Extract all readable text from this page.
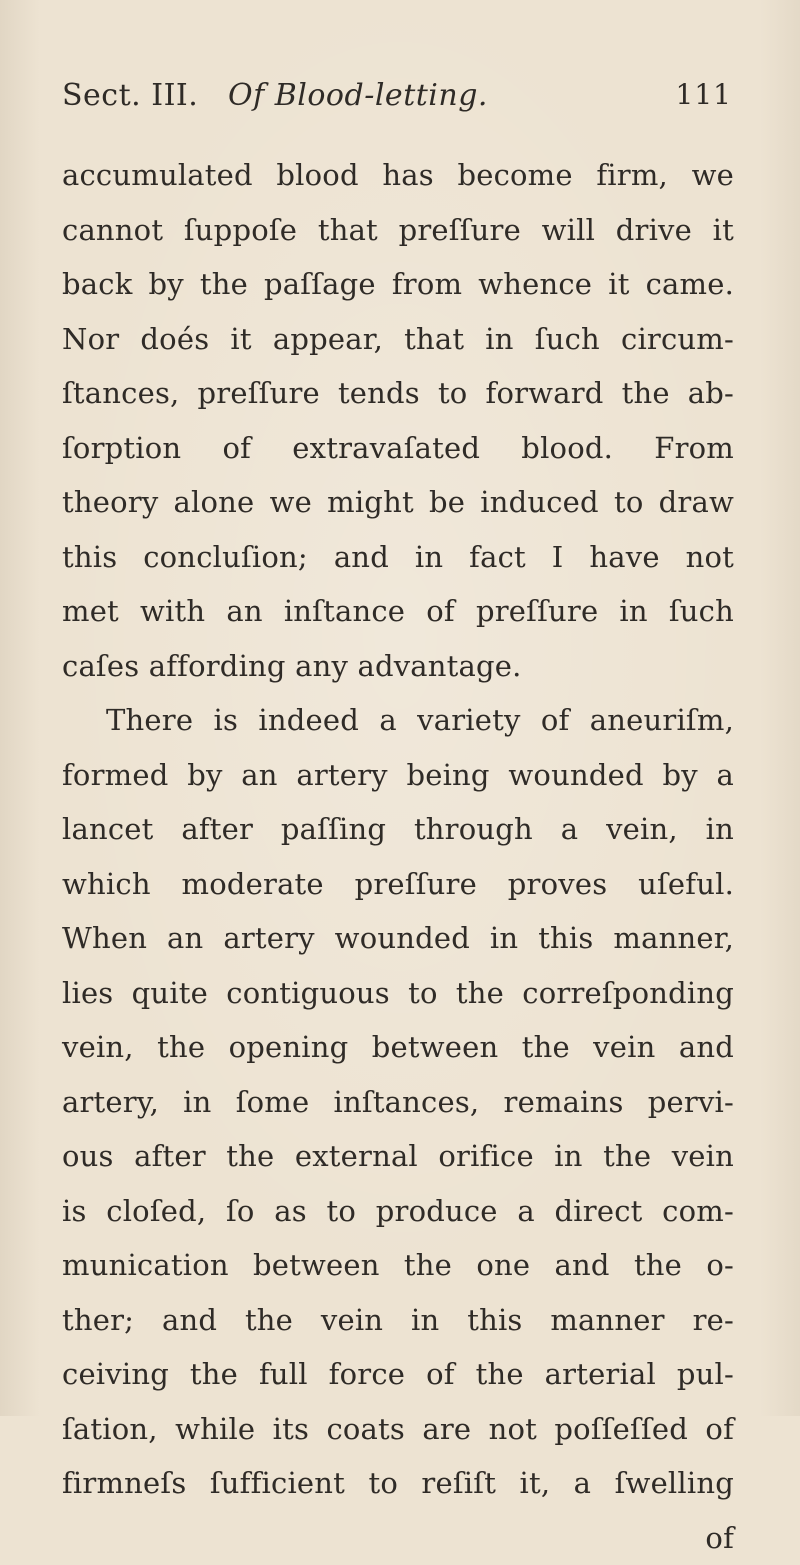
Sect. III. Of Blood-letting.	111
accumulated blood has become firm, we
cannot ſuppoſe that preſſure will drive it
back by the paſſage from whence it came.
Nor doés it appear, that in ſuch circum-
ſtances, preſſure tends to forward the ab-
ſorption of extravaſated blood. From
theory alone we might be induced to draw
this concluſion; and in fact I have not
met with an inſtance of preſſure in ſuch
caſes affording any advantage.
There is indeed a variety of aneuriſm,
formed by an artery being wounded by a
lancet after paſſing through a vein, in
which moderate preſſure proves uſeful.
When an artery wounded in this manner,
lies quite contiguous to the correſponding
vein, the opening between the vein and
artery, in ſome inſtances, remains pervi-
ous after the external orifice in the vein
is cloſed, ſo as to produce a direct com-
munication between the one and the o-
ther; and the vein in this manner re-
ceiving the full force of the arterial pul-
ſation, while its coats are not poſſeſſed of
firmneſs ſufficient to reſiſt it, a ſwelling
of
